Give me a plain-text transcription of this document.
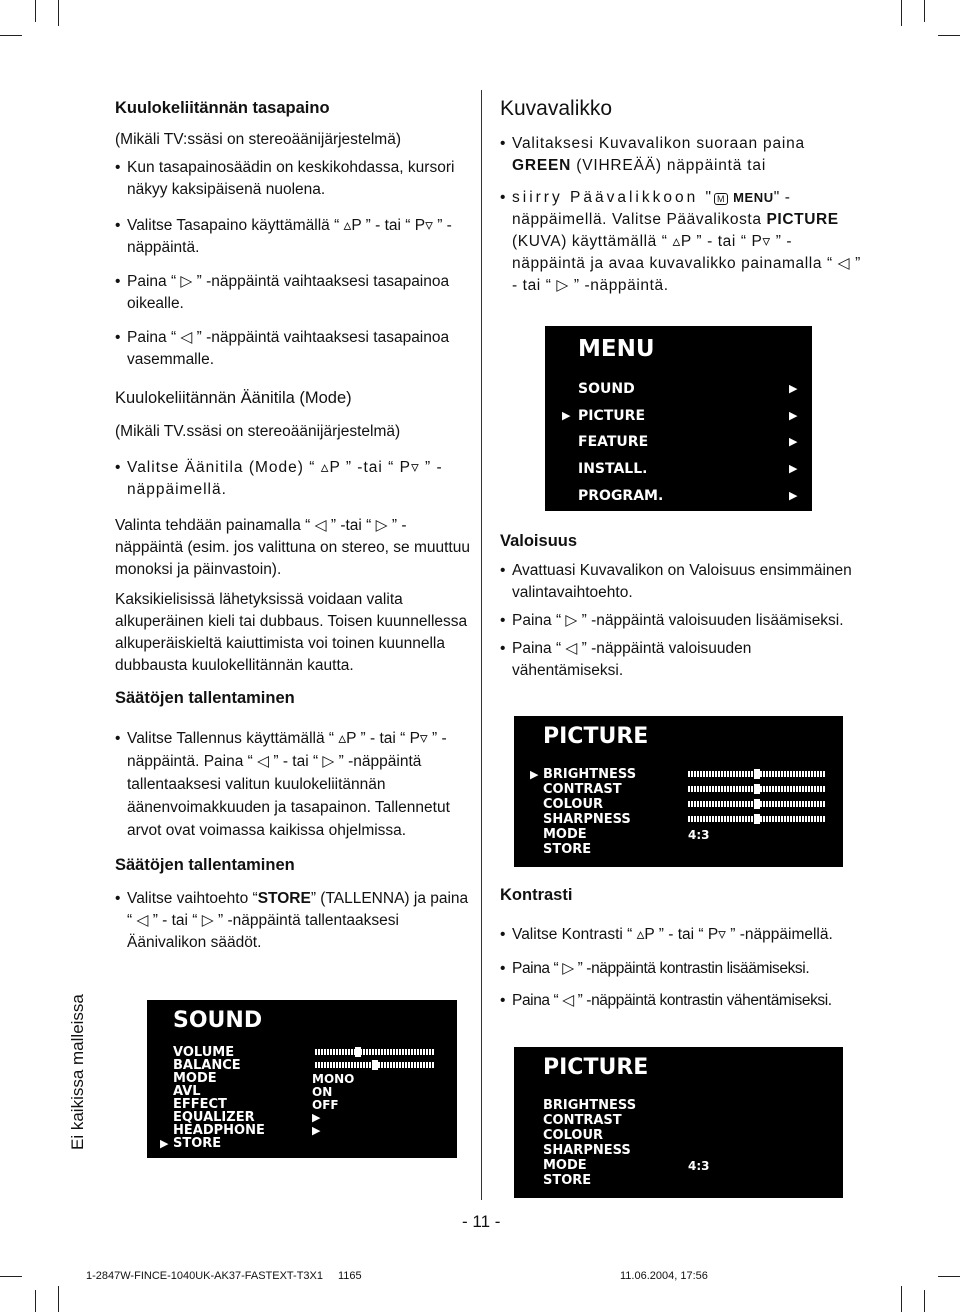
Kuulokeliitännän tasapaino

(Mikäli TV:ssäsi on stereoäänijärjestelmä)

• Kun tasapainosäädin on keskikohdassa, kursori näkyy kaksipäisenä nuolena.

• Valitse Tasapaino käyttämällä “ ▵P ” - tai “ P▿ ” - näppäintä.

• Paina “ ▷ ” -näppäintä vaihtaaksesi tasapainoa oikealle.

• Paina “ ◁ ” -näppäintä vaihtaaksesi tasapainoa vasemmalle.

Kuulokeliitännän Äänitila (Mode)

(Mikäli TV.ssäsi on stereoäänijärjestelmä)

• Valitse Äänitila (Mode) “ ▵P ” -tai “ P▿ ” - näppäimellä.

Valinta tehdään painamalla “ ◁ ” -tai “ ▷ ” - näppäintä (esim. jos valittuna on stereo, se muuttuu monoksi ja päinvastoin).

Kaksikielisissä lähetyksissä voidaan valita alkuperäinen kieli tai dubbaus. Toisen kuunnellessa alkuperäiskieltä kaiuttimista voi toinen kuunnella dubbausta kuulokellitännän kautta.

Säätöjen tallentaminen

• Valitse Tallennus käyttämällä “ ▵P ” - tai “ P▿ ” - näppäintä. Paina “ ◁ ” - tai “ ▷ ” -näppäintä tallentaaksesi valitun kuulokeliitännän äänenvoimakkuuden ja tasapainon. Tallennetut arvot ovat voimassa kaikissa ohjelmissa.

Säätöjen tallentaminen

• Valitse vaihtoehto “STORE” (TALLENNA) ja paina “ ◁ ” - tai “ ▷ ” -näppäintä tallentaaksesi Äänivalikon säädöt.

Ei kaikissa malleissa	SOUND
VOLUME
BALANCE
MODE
AVL
EFFECT
EQUALIZER
HEADPHONE
STORE
▶
MONO
ON
OFF
▶
▶

Kuvavalikko

• Valitaksesi Kuvavalikon suoraan paina GREEN (VIHREÄÄ) näppäintä tai

• siirry Päävalikkoon " M MENU" - näppäimellä. Valitse Päävalikosta PICTURE (KUVA) käyttämällä “ ▵P ” - tai “ P▿ ” -näppäintä ja avaa kuvavalikko painamalla “ ◁ ” - tai “ ▷ ” -näppäintä.

MENU
SOUND
PICTURE
FEATURE
INSTALL.
PROGRAM.
▶
▶
▶
▶
▶
▶

Valoisuus

• Avattuasi Kuvavalikon on Valoisuus ensimmäinen valintavaihtoehto.

• Paina “ ▷ ” -näppäintä valoisuuden lisäämiseksi.

• Paina “ ◁ ” -näppäintä valoisuuden vähentämiseksi.

PICTURE
BRIGHTNESS
CONTRAST
COLOUR
SHARPNESS
MODE
STORE
▶
4:3

Kontrasti

• Valitse Kontrasti “ ▵P ” - tai “ P▿ ” -näppäimellä.

• Paina “ ▷ ” -näppäintä kontrastin lisäämiseksi.

• Paina “ ◁ ” -näppäintä kontrastin vähentämiseksi.

PICTURE
BRIGHTNESS
CONTRAST
COLOUR
SHARPNESS
MODE
STORE
4:3
- 11 -
1-2847W-FINCE-1040UK-AK37-FASTEXT-T3X1 1165	11.06.2004, 17:56
